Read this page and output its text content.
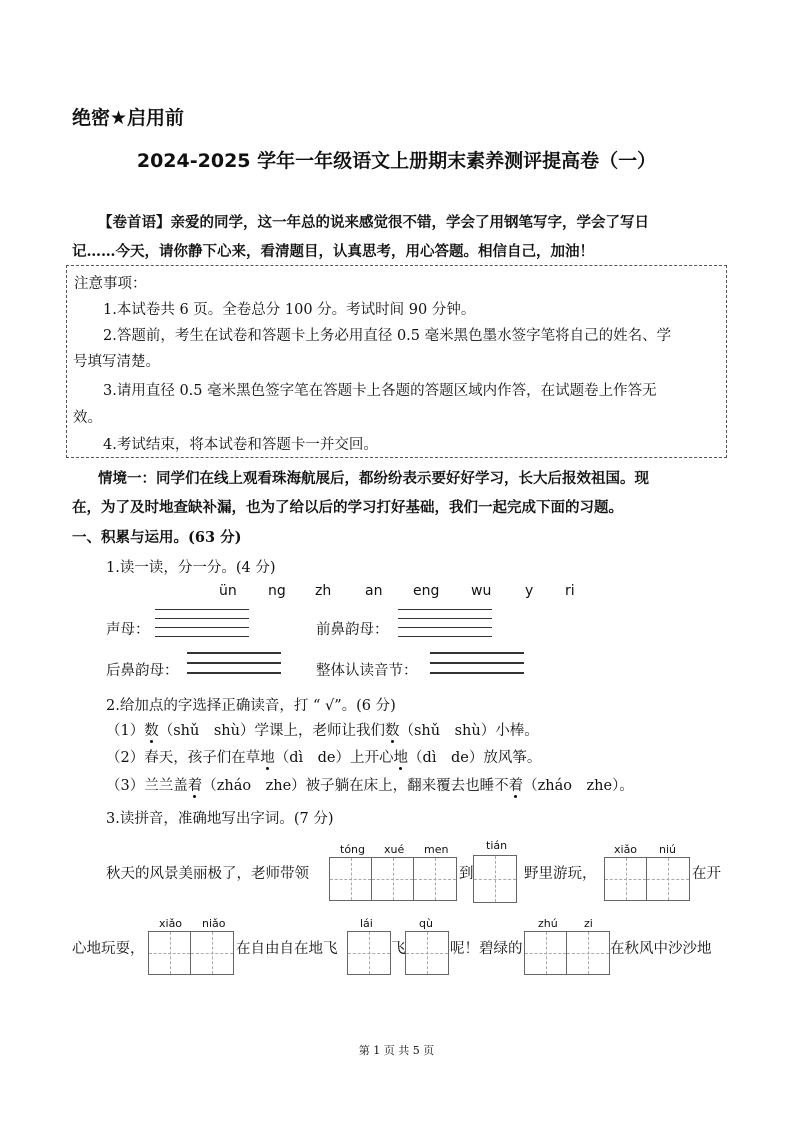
绝密★启用前
2024-2025 学年一年级语文上册期末素养测评提高卷（一）
【卷首语】亲爱的同学，这一年总的说来感觉很不错，学会了用钢笔写字，学会了写日
记……今天，请你静下心来，看清题目，认真思考，用心答题。相信自己，加油！
注意事项：
1.本试卷共 6 页。全卷总分 100 分。考试时间 90 分钟。
2.答题前，考生在试卷和答题卡上务必用直径 0.5 毫米黑色墨水签字笔将自己的姓名、学
号填写清楚。
3.请用直径 0.5 毫米黑色签字笔在答题卡上各题的答题区域内作答，在试题卷上作答无
效。
4.考试结束，将本试卷和答题卡一并交回。
情境一：同学们在线上观看珠海航展后，都纷纷表示要好好学习，长大后报效祖国。现
在，为了及时地查缺补漏，也为了给以后的学习打好基础，我们一起完成下面的习题。
一、积累与运用。(63 分)
1.读一读，分一分。(4 分)
ün ng zh an eng wu y ri
声母：	前鼻韵母：
后鼻韵母：	整体认读音节：
2.给加点的字选择正确读音，打 “ √”。(6 分)
（1）数（shǔ　shù）学课上，老师让我们数（shǔ　shù）小棒。
（2）春天，孩子们在草地（dì　de）上开心地（dì　de）放风筝。
（3）兰兰盖着（zháo　zhe）被子躺在床上，翻来覆去也睡不着（zháo　zhe）。
3.读拼音，准确地写出字词。(7 分)
秋天的风景美丽极了，老师带领
tóng xué men
到
tián
野里游玩，
xiǎo niú
在开
心地玩耍，
xiǎo niǎo
在自由自在地飞
lái
飞
qù
呢！碧绿的
zhú zi
在秋风中沙沙地
第 1 页 共 5 页
